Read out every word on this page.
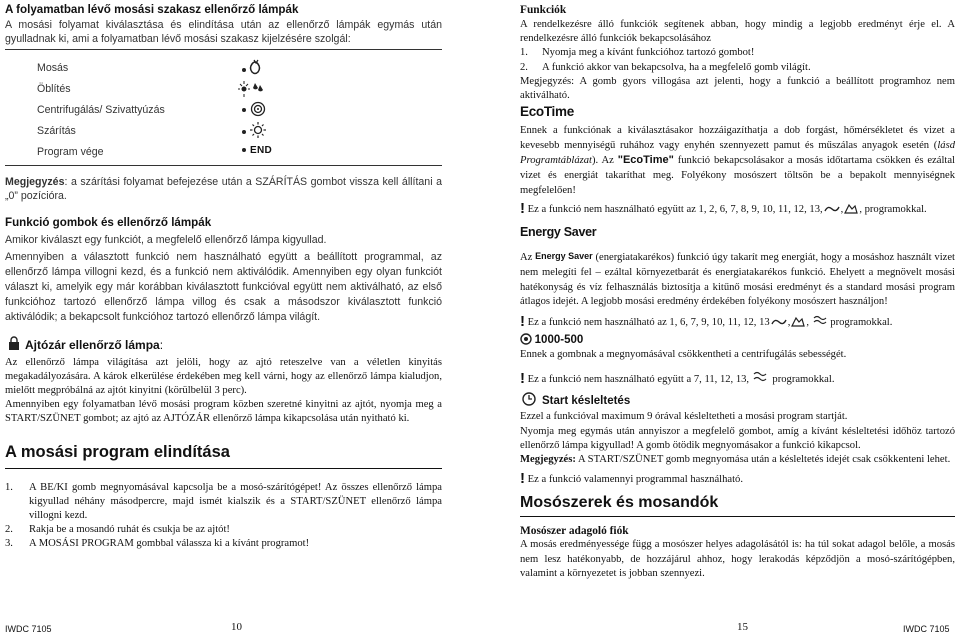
A folyamatban lévő mosási szakasz ellenőrző lámpák

A mosási folyamat kiválasztása és elindítása után az ellenőrző lámpák egymás után gyulladnak ki, ami a folyamatban lévő mosási szakasz kijelzésére szolgál:

Mosás
Öblítés
Centrifugálás/ Szivattyúzás
Szárítás
Program vége	END

Megjegyzés: a szárítási folyamat befejezése után a SZÁRÍTÁS gombot vissza kell állítani a „0” pozícióra.

Funkció gombok és ellenőrző lámpák

Amikor kiválaszt egy funkciót, a megfelelő ellenőrző lámpa kigyullad.

Amennyiben a választott funkció nem használható együtt a beállított programmal, az ellenőrző lámpa villogni kezd, és a funkció nem aktiválódik. Amennyiben egy olyan funkciót választ ki, amelyik egy már korábban kiválasztott funkcióval együtt nem aktiválható, az első funkcióhoz tartozó ellenőrző lámpa villog és csak a másodszor kiválasztott funkció aktiválódik; a bekapcsolt funkcióhoz tartozó ellenőrző lámpa világít.

Ajtózár ellenőrző lámpa:

Az ellenőrző lámpa világítása azt jelöli, hogy az ajtó reteszelve van a véletlen kinyitás megakadályozására. A károk elkerülése érdekében meg kell várni, hogy az ellenőrző lámpa kialudjon, mielőtt megpróbálná az ajtót kinyitni (körülbelül 3 perc).

Amennyiben egy folyamatban lévő mosási program közben szeretné kinyitni az ajtót, nyomja meg a START/SZÜNET gombot; az ajtó az AJTÓZÁR ellenőrző lámpa kikapcsolása után nyitható ki.

A mosási program elindítása
1. A BE/KI gomb megnyomásával kapcsolja be a mosó-szárítógépet! Az összes ellenőrző lámpa kigyullad néhány másodpercre, majd ismét kialszik és a START/SZÜNET ellenőrző lámpa villogni kezd.
2. Rakja be a mosandó ruhát és csukja be az ajtót!
3. A MOSÁSI PROGRAM gombbal válassza ki a kívánt programot!
IWDC 7105	10
Funkciók

A rendelkezésre álló funkciók segítenek abban, hogy mindig a legjobb eredményt érje el. A rendelkezésre álló funkciók bekapcsolásához

1. Nyomja meg a kívánt funkcióhoz tartozó gombot!
2. A funkció akkor van bekapcsolva, ha a megfelelő gomb világít.

Megjegyzés: A gomb gyors villogása azt jelenti, hogy a funkció a beállított programhoz nem aktiválható.

EcoTime

Ennek a funkciónak a kiválasztásakor hozzáigazíthatja a dob forgást, hőmérsékletet és vizet a kevesebb mennyiségű ruhához vagy enyhén szennyezett pamut és műszálas anyagok esetén (lásd Programtáblázat). Az "EcoTime" funkció bekapcsolásakor a mosás időtartama csökken és ezáltal vizet és energiát takaríthat meg. Folyékony mosószert töltsön be a bepakolt mennyiségnek megfelelően!

! Ez a funkció nem használható együtt az 1, 2, 6, 7, 8, 9, 10, 11, 12, 13, , , programokkal.

Energy Saver

Az Energy Saver (energiatakarékos) funkció úgy takarít meg energiát, hogy a mosáshoz használt vizet nem melegíti fel – ezáltal környezetbarát és energiatakarékos funkció. Ehelyett a megnövelt mosási hatékonyság és víz felhasználás biztosítja a kitűnő mosási eredményt és a standard mosási program átlagos idejét. A legjobb mosási eredmény érdekében folyékony mosószert használjon!

! Ez a funkció nem használható az 1, 6, 7, 9, 10, 11, 12, 13 , ,  programokkal.

1000-500

Ennek a gombnak a megnyomásával csökkentheti a centrifugálás sebességét.

! Ez a funkció nem használható együtt a 7, 11, 12, 13, programokkal.

Start késleltetés

Ezzel a funkcióval maximum 9 órával késleltetheti a mosási program startját.

Nyomja meg egymás után annyiszor a megfelelő gombot, amíg a kívánt késleltetési időhöz tartozó ellenőrző lámpa kigyullad! A gomb ötödik megnyomásakor a funkció kikapcsol.

Megjegyzés: A START/SZÜNET gomb megnyomása után a késleltetés idejét csak csökkenteni lehet.

! Ez a funkció valamennyi programmal használható.

Mosószerek és mosandók
Mosószer adagoló fiók

A mosás eredményessége függ a mosószer helyes adagolásától is: ha túl sokat adagol belőle, a mosás nem lesz hatékonyabb, de hozzájárul ahhoz, hogy lerakodás képződjön a mosó-szárítógépben, valamint a környezetet is jobban szennyezi.

15	IWDC 7105
